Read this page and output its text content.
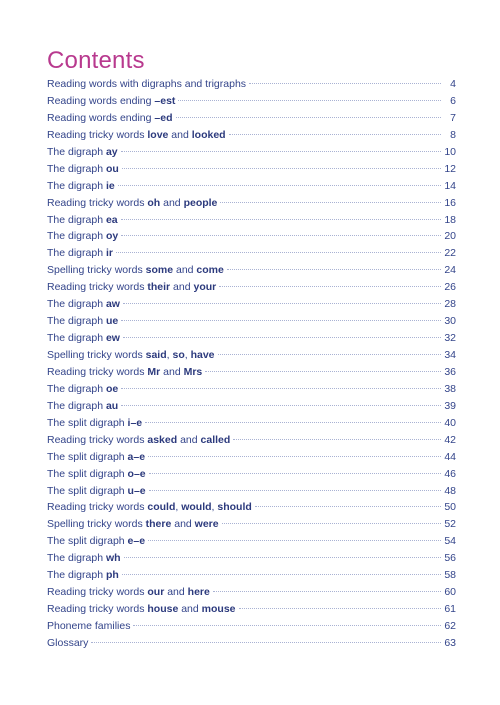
Contents
Reading words with digraphs and trigraphs	4
Reading words ending –est	6
Reading words ending –ed	7
Reading tricky words love and looked	8
The digraph ay	10
The digraph ou	12
The digraph ie	14
Reading tricky words oh and people	16
The digraph ea	18
The digraph oy	20
The digraph ir	22
Spelling tricky words some and come	24
Reading tricky words their and your	26
The digraph aw	28
The digraph ue	30
The digraph ew	32
Spelling tricky words said, so, have	34
Reading tricky words Mr and Mrs	36
The digraph oe	38
The digraph au	39
The split digraph i–e	40
Reading tricky words asked and called	42
The split digraph a–e	44
The split digraph o–e	46
The split digraph u–e	48
Reading tricky words could, would, should	50
Spelling tricky words there and were	52
The split digraph e–e	54
The digraph wh	56
The digraph ph	58
Reading tricky words our and here	60
Reading tricky words house and mouse	61
Phoneme families	62
Glossary	63
